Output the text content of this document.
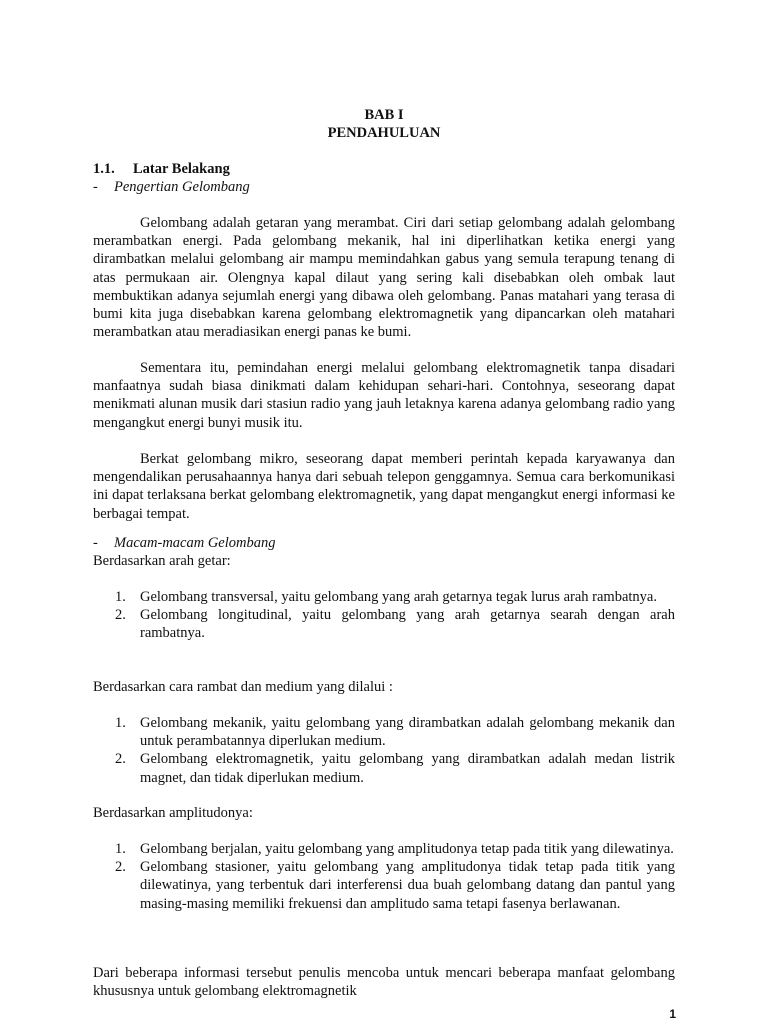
BAB I
PENDAHULUAN
1.1. Latar Belakang
- Pengertian Gelombang

Gelombang adalah getaran yang merambat. Ciri dari setiap gelombang adalah gelombang merambatkan energi. Pada gelombang mekanik, hal ini diperlihatkan ketika energi yang dirambatkan melalui gelombang air mampu memindahkan gabus yang semula terapung tenang di atas permukaan air. Olengnya kapal dilaut yang sering kali disebabkan oleh ombak laut membuktikan adanya sejumlah energi yang dibawa oleh gelombang. Panas matahari yang terasa di bumi kita juga disebabkan karena gelombang elektromagnetik yang dipancarkan oleh matahari merambatkan atau meradiasikan energi panas ke bumi.

Sementara itu, pemindahan energi melalui gelombang elektromagnetik tanpa disadari manfaatnya sudah biasa dinikmati dalam kehidupan sehari-hari. Contohnya, seseorang dapat menikmati alunan musik dari stasiun radio yang jauh letaknya karena adanya gelombang radio yang mengangkut energi bunyi musik itu.

Berkat gelombang mikro, seseorang dapat memberi perintah kepada karyawanya dan mengendalikan perusahaannya hanya dari sebuah telepon genggamnya. Semua cara berkomunikasi ini dapat terlaksana berkat gelombang elektromagnetik, yang dapat mengangkut energi informasi ke berbagai tempat.

- Macam-macam Gelombang
Berdasarkan arah getar:
1. Gelombang transversal, yaitu gelombang yang arah getarnya tegak lurus arah rambatnya.
2. Gelombang longitudinal, yaitu gelombang yang arah getarnya searah dengan arah rambatnya.
Berdasarkan cara rambat dan medium yang dilalui :
1. Gelombang mekanik, yaitu gelombang yang dirambatkan adalah gelombang mekanik dan untuk perambatannya diperlukan medium.
2. Gelombang elektromagnetik, yaitu gelombang yang dirambatkan adalah medan listrik magnet, dan tidak diperlukan medium.
Berdasarkan amplitudonya:
1. Gelombang berjalan, yaitu gelombang yang amplitudonya tetap pada titik yang dilewatinya.
2. Gelombang stasioner, yaitu gelombang yang amplitudonya tidak tetap pada titik yang dilewatinya, yang terbentuk dari interferensi dua buah gelombang datang dan pantul yang masing-masing memiliki frekuensi dan amplitudo sama tetapi fasenya berlawanan.

Dari beberapa informasi tersebut penulis mencoba untuk mencari beberapa manfaat gelombang khususnya untuk gelombang elektromagnetik

1
